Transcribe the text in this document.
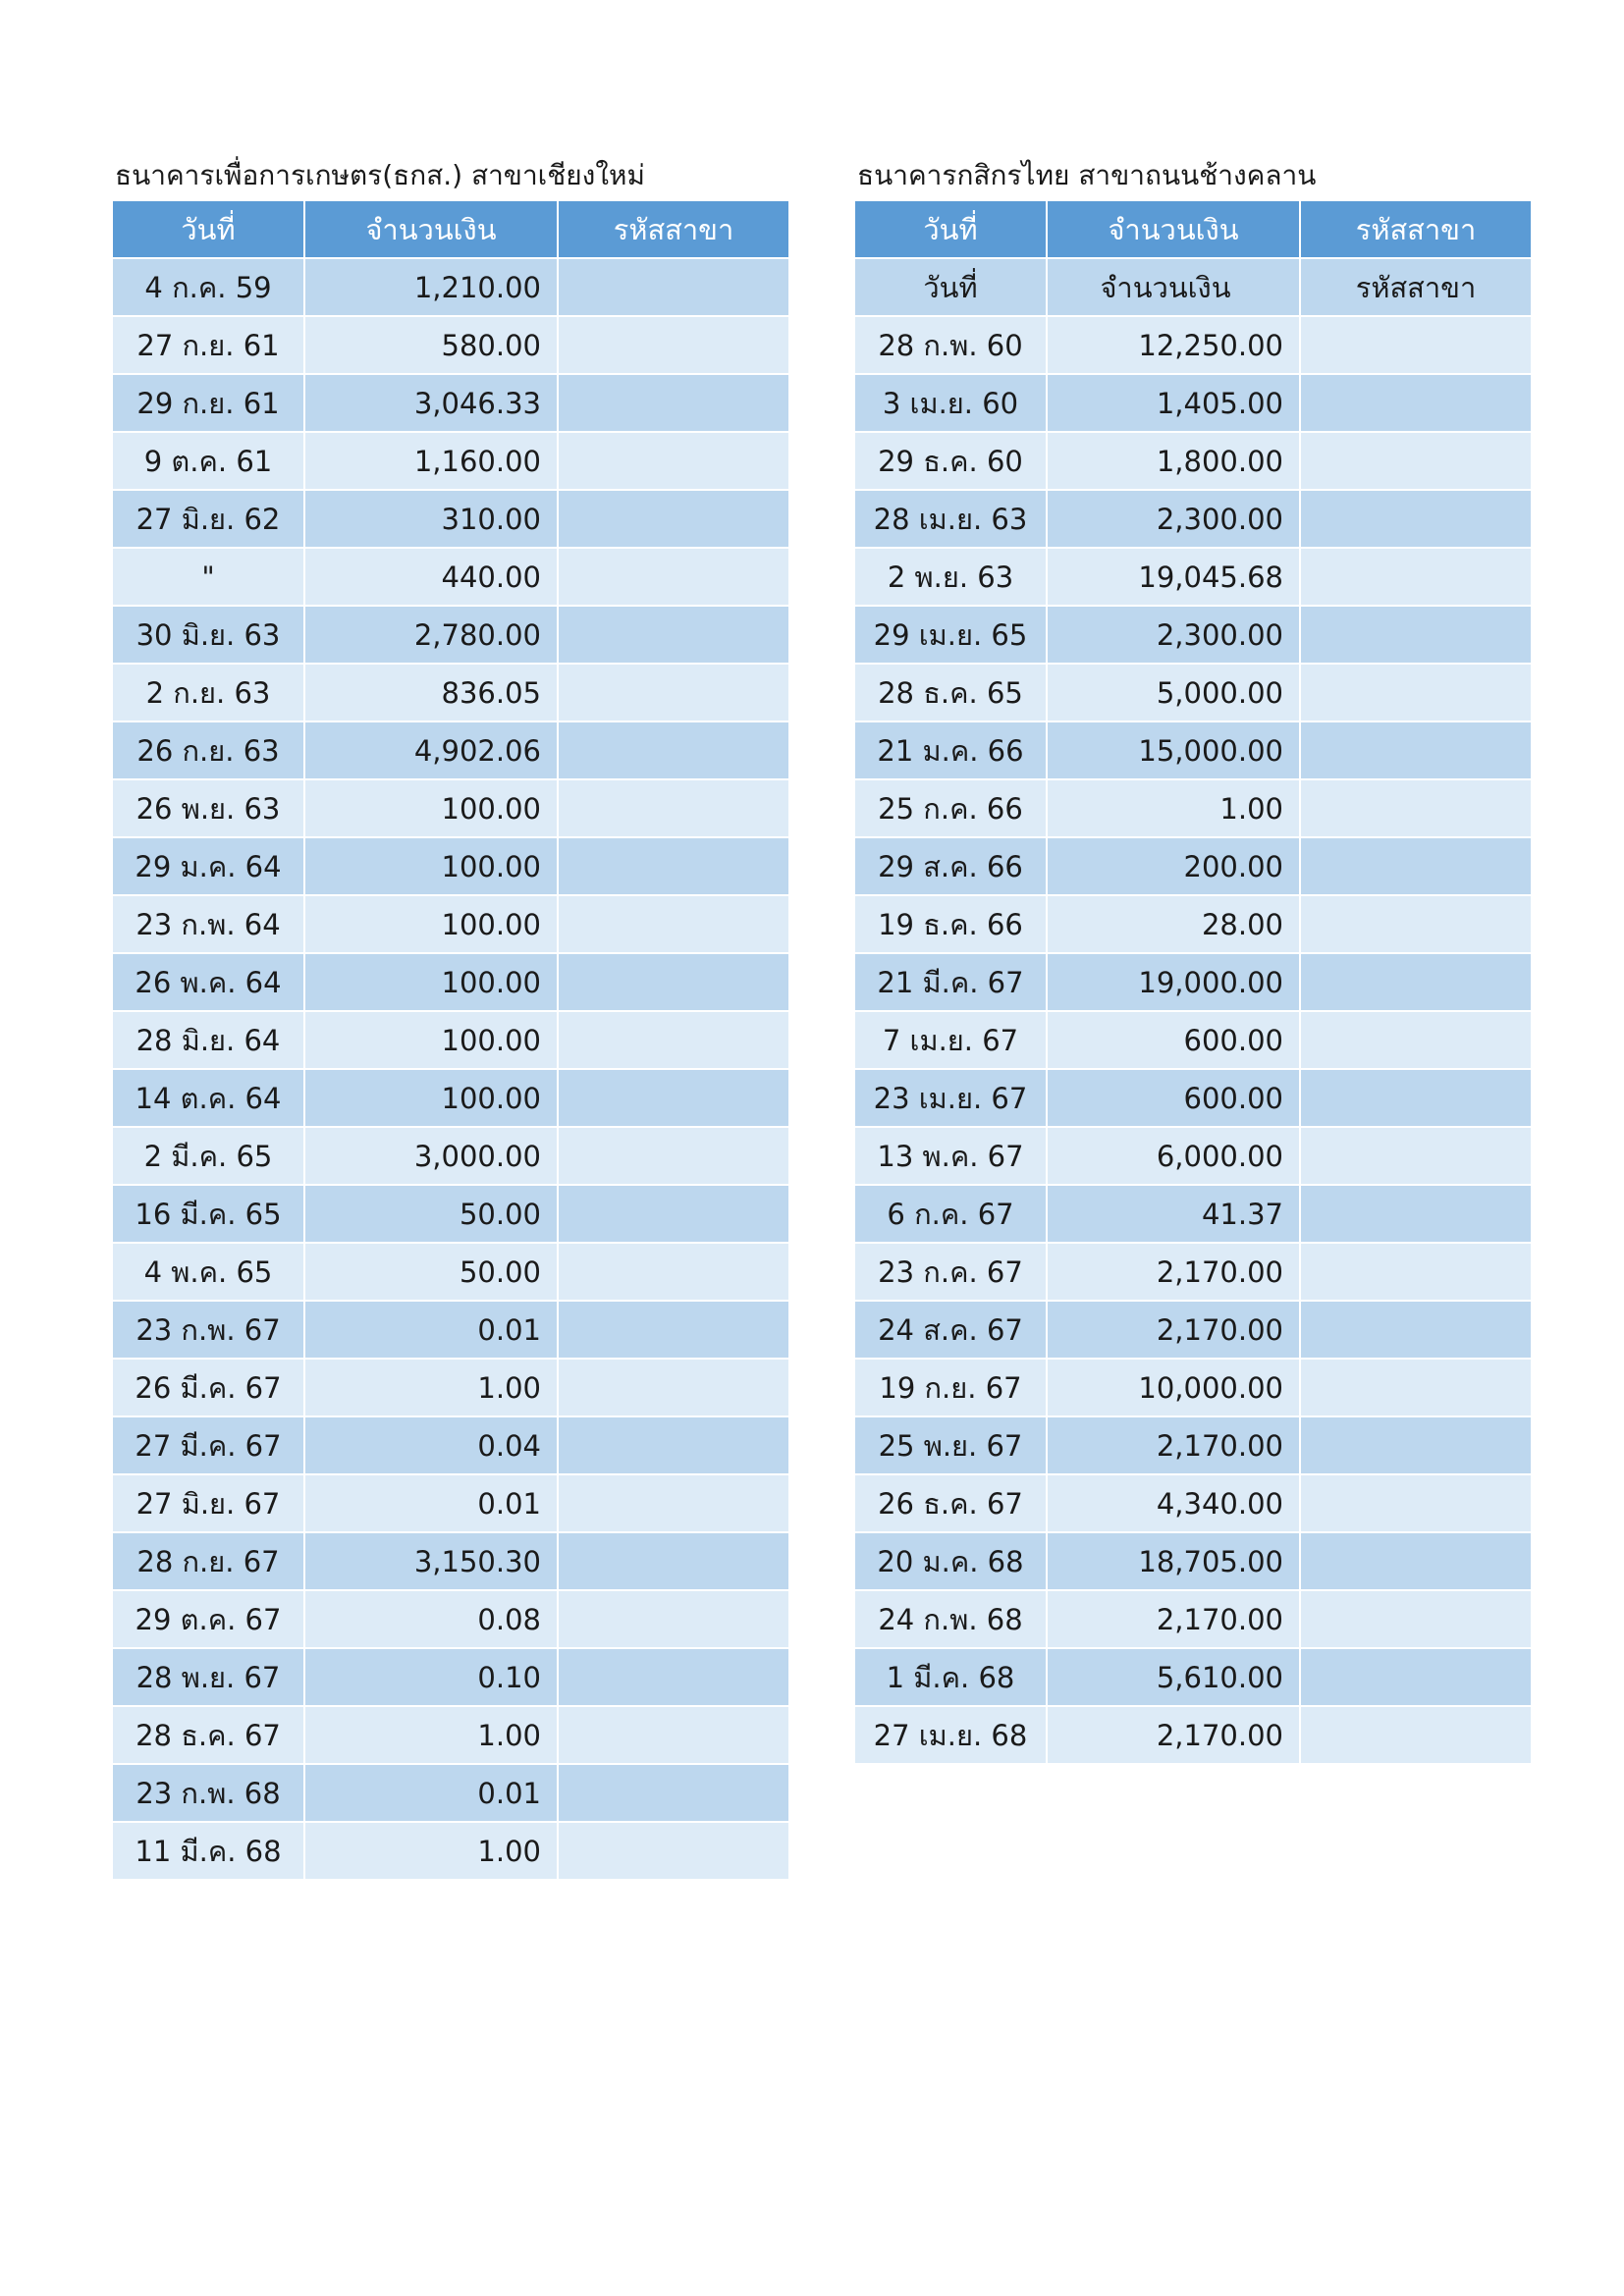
ธนาคารเพื่อการเกษตร(ธกส.) สาขาเชียงใหม่
วันที่	จำนวนเงิน	รหัสสาขา
4 ก.ค. 59	1,210.00	
27 ก.ย. 61	580.00	
29 ก.ย. 61	3,046.33	
9 ต.ค. 61	1,160.00	
27 มิ.ย. 62	310.00	
"	440.00	
30 มิ.ย. 63	2,780.00	
2 ก.ย. 63	836.05	
26 ก.ย. 63	4,902.06	
26 พ.ย. 63	100.00	
29 ม.ค. 64	100.00	
23 ก.พ. 64	100.00	
26 พ.ค. 64	100.00	
28 มิ.ย. 64	100.00	
14 ต.ค. 64	100.00	
2 มี.ค. 65	3,000.00	
16 มี.ค. 65	50.00	
4 พ.ค. 65	50.00	
23 ก.พ. 67	0.01	
26 มี.ค. 67	1.00	
27 มี.ค. 67	0.04	
27 มิ.ย. 67	0.01	
28 ก.ย. 67	3,150.30	
29 ต.ค. 67	0.08	
28 พ.ย. 67	0.10	
28 ธ.ค. 67	1.00	
23 ก.พ. 68	0.01	
11 มี.ค. 68	1.00	
ธนาคารกสิกรไทย สาขาถนนช้างคลาน
วันที่	จำนวนเงิน	รหัสสาขา
วันที่	จำนวนเงิน	รหัสสาขา
28 ก.พ. 60	12,250.00	
3 เม.ย. 60	1,405.00	
29 ธ.ค. 60	1,800.00	
28 เม.ย. 63	2,300.00	
2 พ.ย. 63	19,045.68	
29 เม.ย. 65	2,300.00	
28 ธ.ค. 65	5,000.00	
21 ม.ค. 66	15,000.00	
25 ก.ค. 66	1.00	
29 ส.ค. 66	200.00	
19 ธ.ค. 66	28.00	
21 มี.ค. 67	19,000.00	
7 เม.ย. 67	600.00	
23 เม.ย. 67	600.00	
13 พ.ค. 67	6,000.00	
6 ก.ค. 67	41.37	
23 ก.ค. 67	2,170.00	
24 ส.ค. 67	2,170.00	
19 ก.ย. 67	10,000.00	
25 พ.ย. 67	2,170.00	
26 ธ.ค. 67	4,340.00	
20 ม.ค. 68	18,705.00	
24 ก.พ. 68	2,170.00	
1 มี.ค. 68	5,610.00	
27 เม.ย. 68	2,170.00	
